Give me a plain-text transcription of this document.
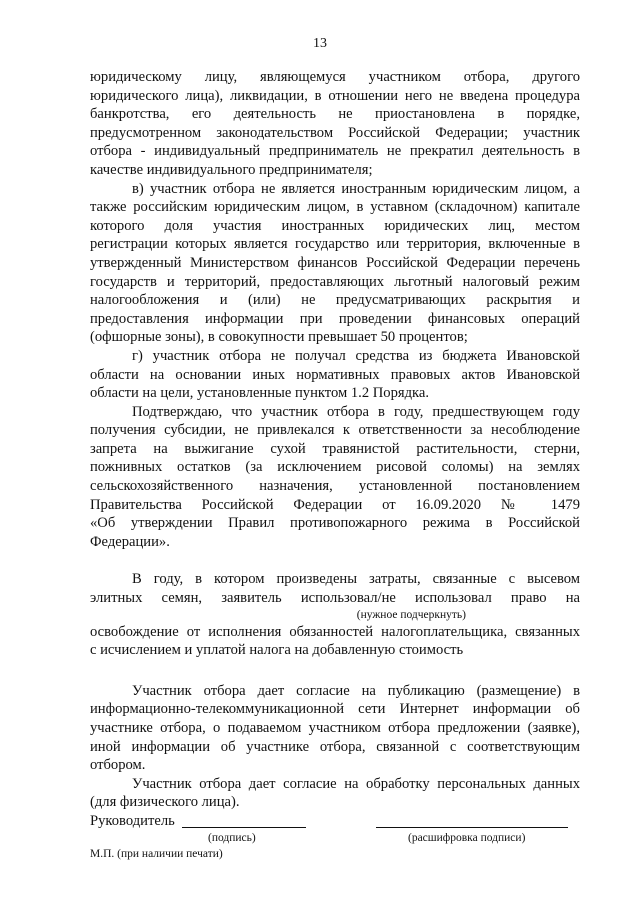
13
юридическому лицу, являющемуся участником отбора, другого
юридического лица), ликвидации, в отношении него не введена процедура
банкротства, его деятельность не приостановлена в порядке,
предусмотренном законодательством Российской Федерации; участник
отбора - индивидуальный предприниматель не прекратил деятельность в
качестве индивидуального предпринимателя;
в) участник отбора не является иностранным юридическим лицом, а
также российским юридическим лицом, в уставном (складочном) капитале
которого доля участия иностранных юридических лиц, местом
регистрации которых является государство или территория, включенные в
утвержденный Министерством финансов Российской Федерации перечень
государств и территорий, предоставляющих льготный налоговый режим
налогообложения и (или) не предусматривающих раскрытия и
предоставления информации при проведении финансовых операций
(офшорные зоны), в совокупности превышает 50 процентов;
г) участник отбора не получал средства из бюджета Ивановской
области на основании иных нормативных правовых актов Ивановской
области на цели, установленные пунктом 1.2 Порядка.
Подтверждаю, что участник отбора в году, предшествующем году
получения субсидии, не привлекался к ответственности за несоблюдение
запрета на выжигание сухой травянистой растительности, стерни,
пожнивных остатков (за исключением рисовой соломы) на землях
сельскохозяйственного назначения, установленной постановлением
Правительства Российской Федерации от 16.09.2020 № 1479
«Об утверждении Правил противопожарного режима в Российской
Федерации».
В году, в котором произведены затраты, связанные с высевом
элитных семян, заявитель использовал/не использовал право на
(нужное подчеркнуть)
освобождение от исполнения обязанностей налогоплательщика, связанных
с исчислением и уплатой налога на добавленную стоимость
Участник отбора дает согласие на публикацию (размещение) в
информационно-телекоммуникационной сети Интернет информации об
участнике отбора, о подаваемом участником отбора предложении (заявке),
иной информации об участнике отбора, связанной с соответствующим
отбором.
Участник отбора дает согласие на обработку персональных данных
(для физического лица).
Руководитель
(подпись)	(расшифровка подписи)
М.П. (при наличии печати)
